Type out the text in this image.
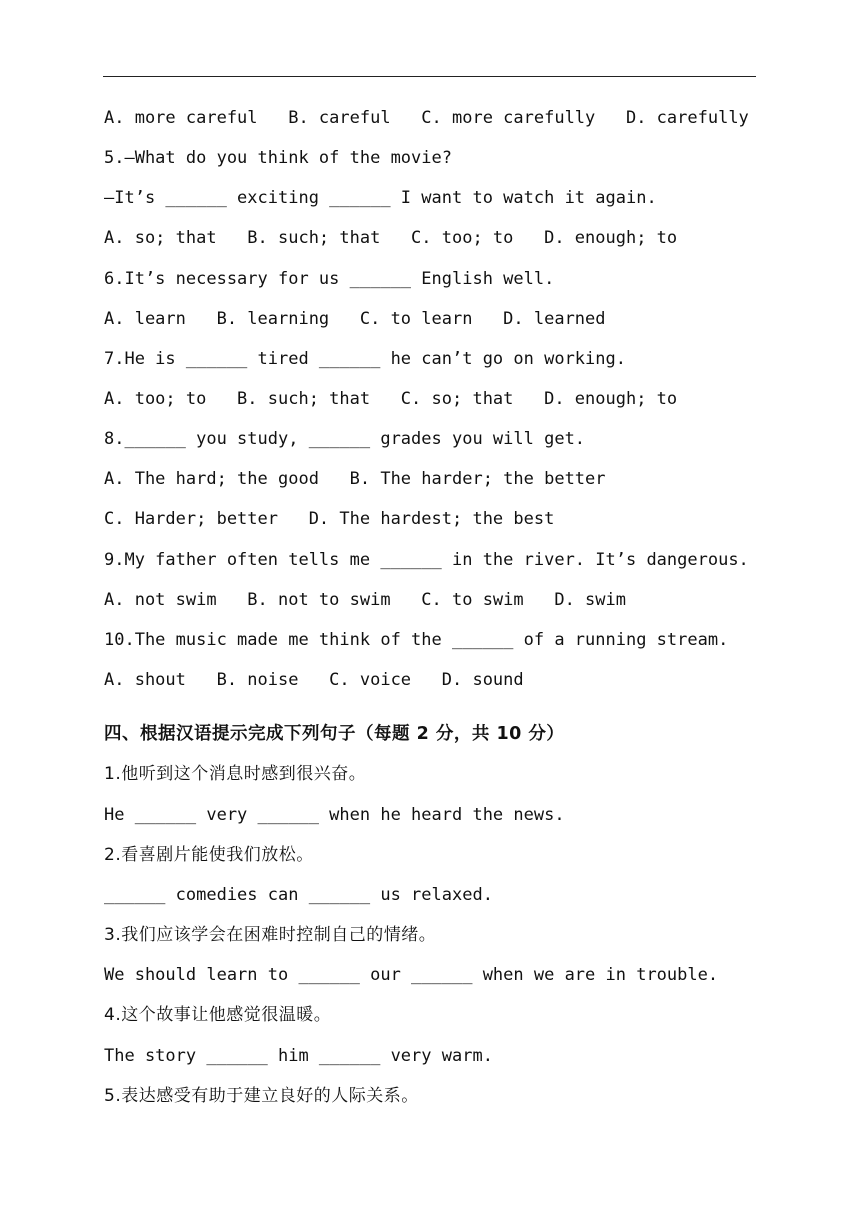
A. more careful   B. careful   C. more carefully   D. carefully
5.—What do you think of the movie?
—It’s ______ exciting ______ I want to watch it again.
A. so; that   B. such; that   C. too; to   D. enough; to
6.It’s necessary for us ______ English well.
A. learn   B. learning   C. to learn   D. learned
7.He is ______ tired ______ he can’t go on working.
A. too; to   B. such; that   C. so; that   D. enough; to
8.______ you study, ______ grades you will get.
A. The hard; the good   B. The harder; the better
C. Harder; better   D. The hardest; the best
9.My father often tells me ______ in the river. It’s dangerous.
A. not swim   B. not to swim   C. to swim   D. swim
10.The music made me think of the ______ of a running stream.
A. shout   B. noise   C. voice   D. sound
四、根据汉语提示完成下列句子（每题 2 分，共 10 分）
1.他听到这个消息时感到很兴奋。
He ______ very ______ when he heard the news.
2.看喜剧片能使我们放松。
______ comedies can ______ us relaxed.
3.我们应该学会在困难时控制自己的情绪。
We should learn to ______ our ______ when we are in trouble.
4.这个故事让他感觉很温暖。
The story ______ him ______ very warm.
5.表达感受有助于建立良好的人际关系。
